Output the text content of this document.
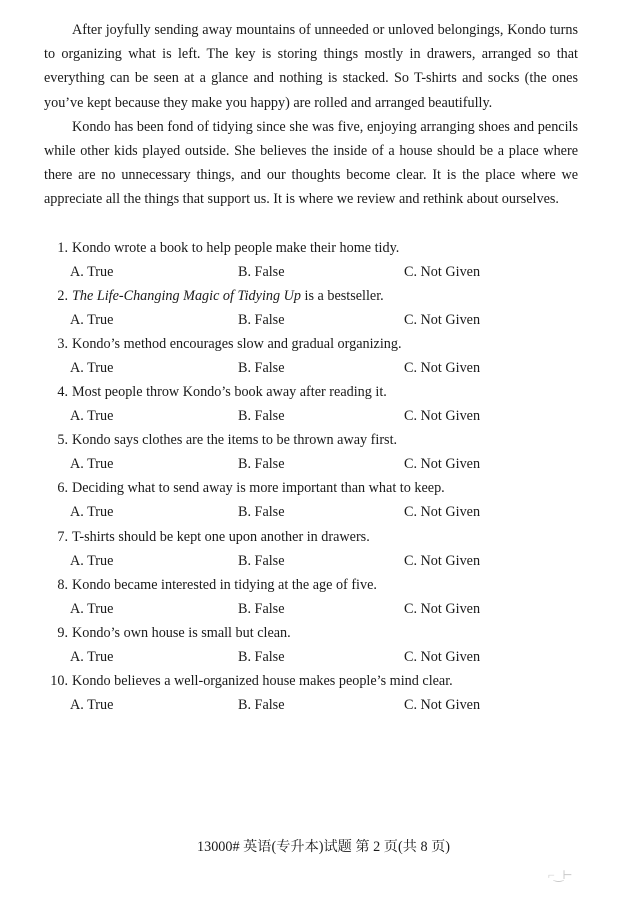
After joyfully sending away mountains of unneeded or unloved belongings, Kondo turns to organizing what is left. The key is storing things mostly in drawers, arranged so that everything can be seen at a glance and nothing is stacked. So T-shirts and socks (the ones you’ve kept because they make you happy) are rolled and arranged beautifully.

Kondo has been fond of tidying since she was five, enjoying arranging shoes and pencils while other kids played outside. She believes the inside of a house should be a place where there are no unnecessary things, and our thoughts become clear. It is the place where we appreciate all the things that support us. It is where we review and rethink about ourselves.

1. Kondo wrote a book to help people make their home tidy.
A. True	B. False	C. Not Given
2. The Life-Changing Magic of Tidying Up is a bestseller.
A. True	B. False	C. Not Given
3. Kondo’s method encourages slow and gradual organizing.
A. True	B. False	C. Not Given
4. Most people throw Kondo’s book away after reading it.
A. True	B. False	C. Not Given
5. Kondo says clothes are the items to be thrown away first.
A. True	B. False	C. Not Given
6. Deciding what to send away is more important than what to keep.
A. True	B. False	C. Not Given
7. T-shirts should be kept one upon another in drawers.
A. True	B. False	C. Not Given
8. Kondo became interested in tidying at the age of five.
A. True	B. False	C. Not Given
9. Kondo’s own house is small but clean.
A. True	B. False	C. Not Given
10. Kondo believes a well-organized house makes people’s mind clear.
A. True	B. False	C. Not Given
13000# 英语(专升本)试题 第 2 页(共 8 页)
⌐‿⊢
